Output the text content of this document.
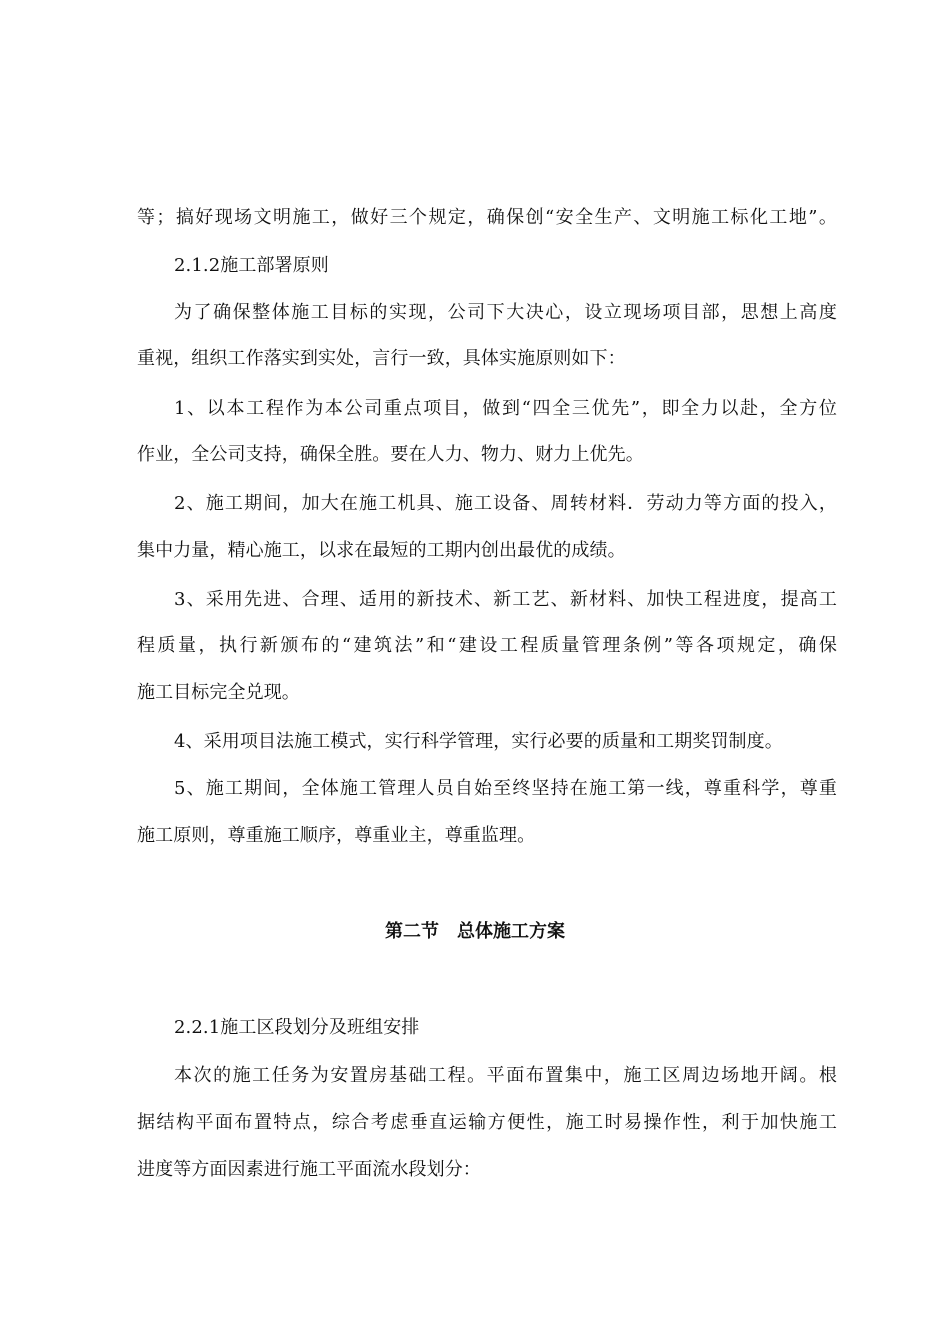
等；搞好现场文明施工，做好三个规定，确保创“安全生产、文明施工标化工地”。
2.1.2施工部署原则
为了确保整体施工目标的实现，公司下大决心，设立现场项目部，思想上高度
重视，组织工作落实到实处，言行一致，具体实施原则如下：
1、以本工程作为本公司重点项目，做到“四全三优先”，即全力以赴，全方位
作业，全公司支持，确保全胜。要在人力、物力、财力上优先。
2、施工期间，加大在施工机具、施工设备、周转材料．劳动力等方面的投入，
集中力量，精心施工，以求在最短的工期内创出最优的成绩。
3、采用先进、合理、适用的新技术、新工艺、新材料、加快工程进度，提高工
程质量，执行新颁布的“建筑法”和“建设工程质量管理条例”等各项规定，确保
施工目标完全兑现。
4、采用项目法施工模式，实行科学管理，实行必要的质量和工期奖罚制度。
5、施工期间，全体施工管理人员自始至终坚持在施工第一线，尊重科学，尊重
施工原则，尊重施工顺序，尊重业主，尊重监理。
第二节　总体施工方案
2.2.1施工区段划分及班组安排
本次的施工任务为安置房基础工程。平面布置集中，施工区周边场地开阔。根
据结构平面布置特点，综合考虑垂直运输方便性，施工时易操作性，利于加快施工
进度等方面因素进行施工平面流水段划分：
